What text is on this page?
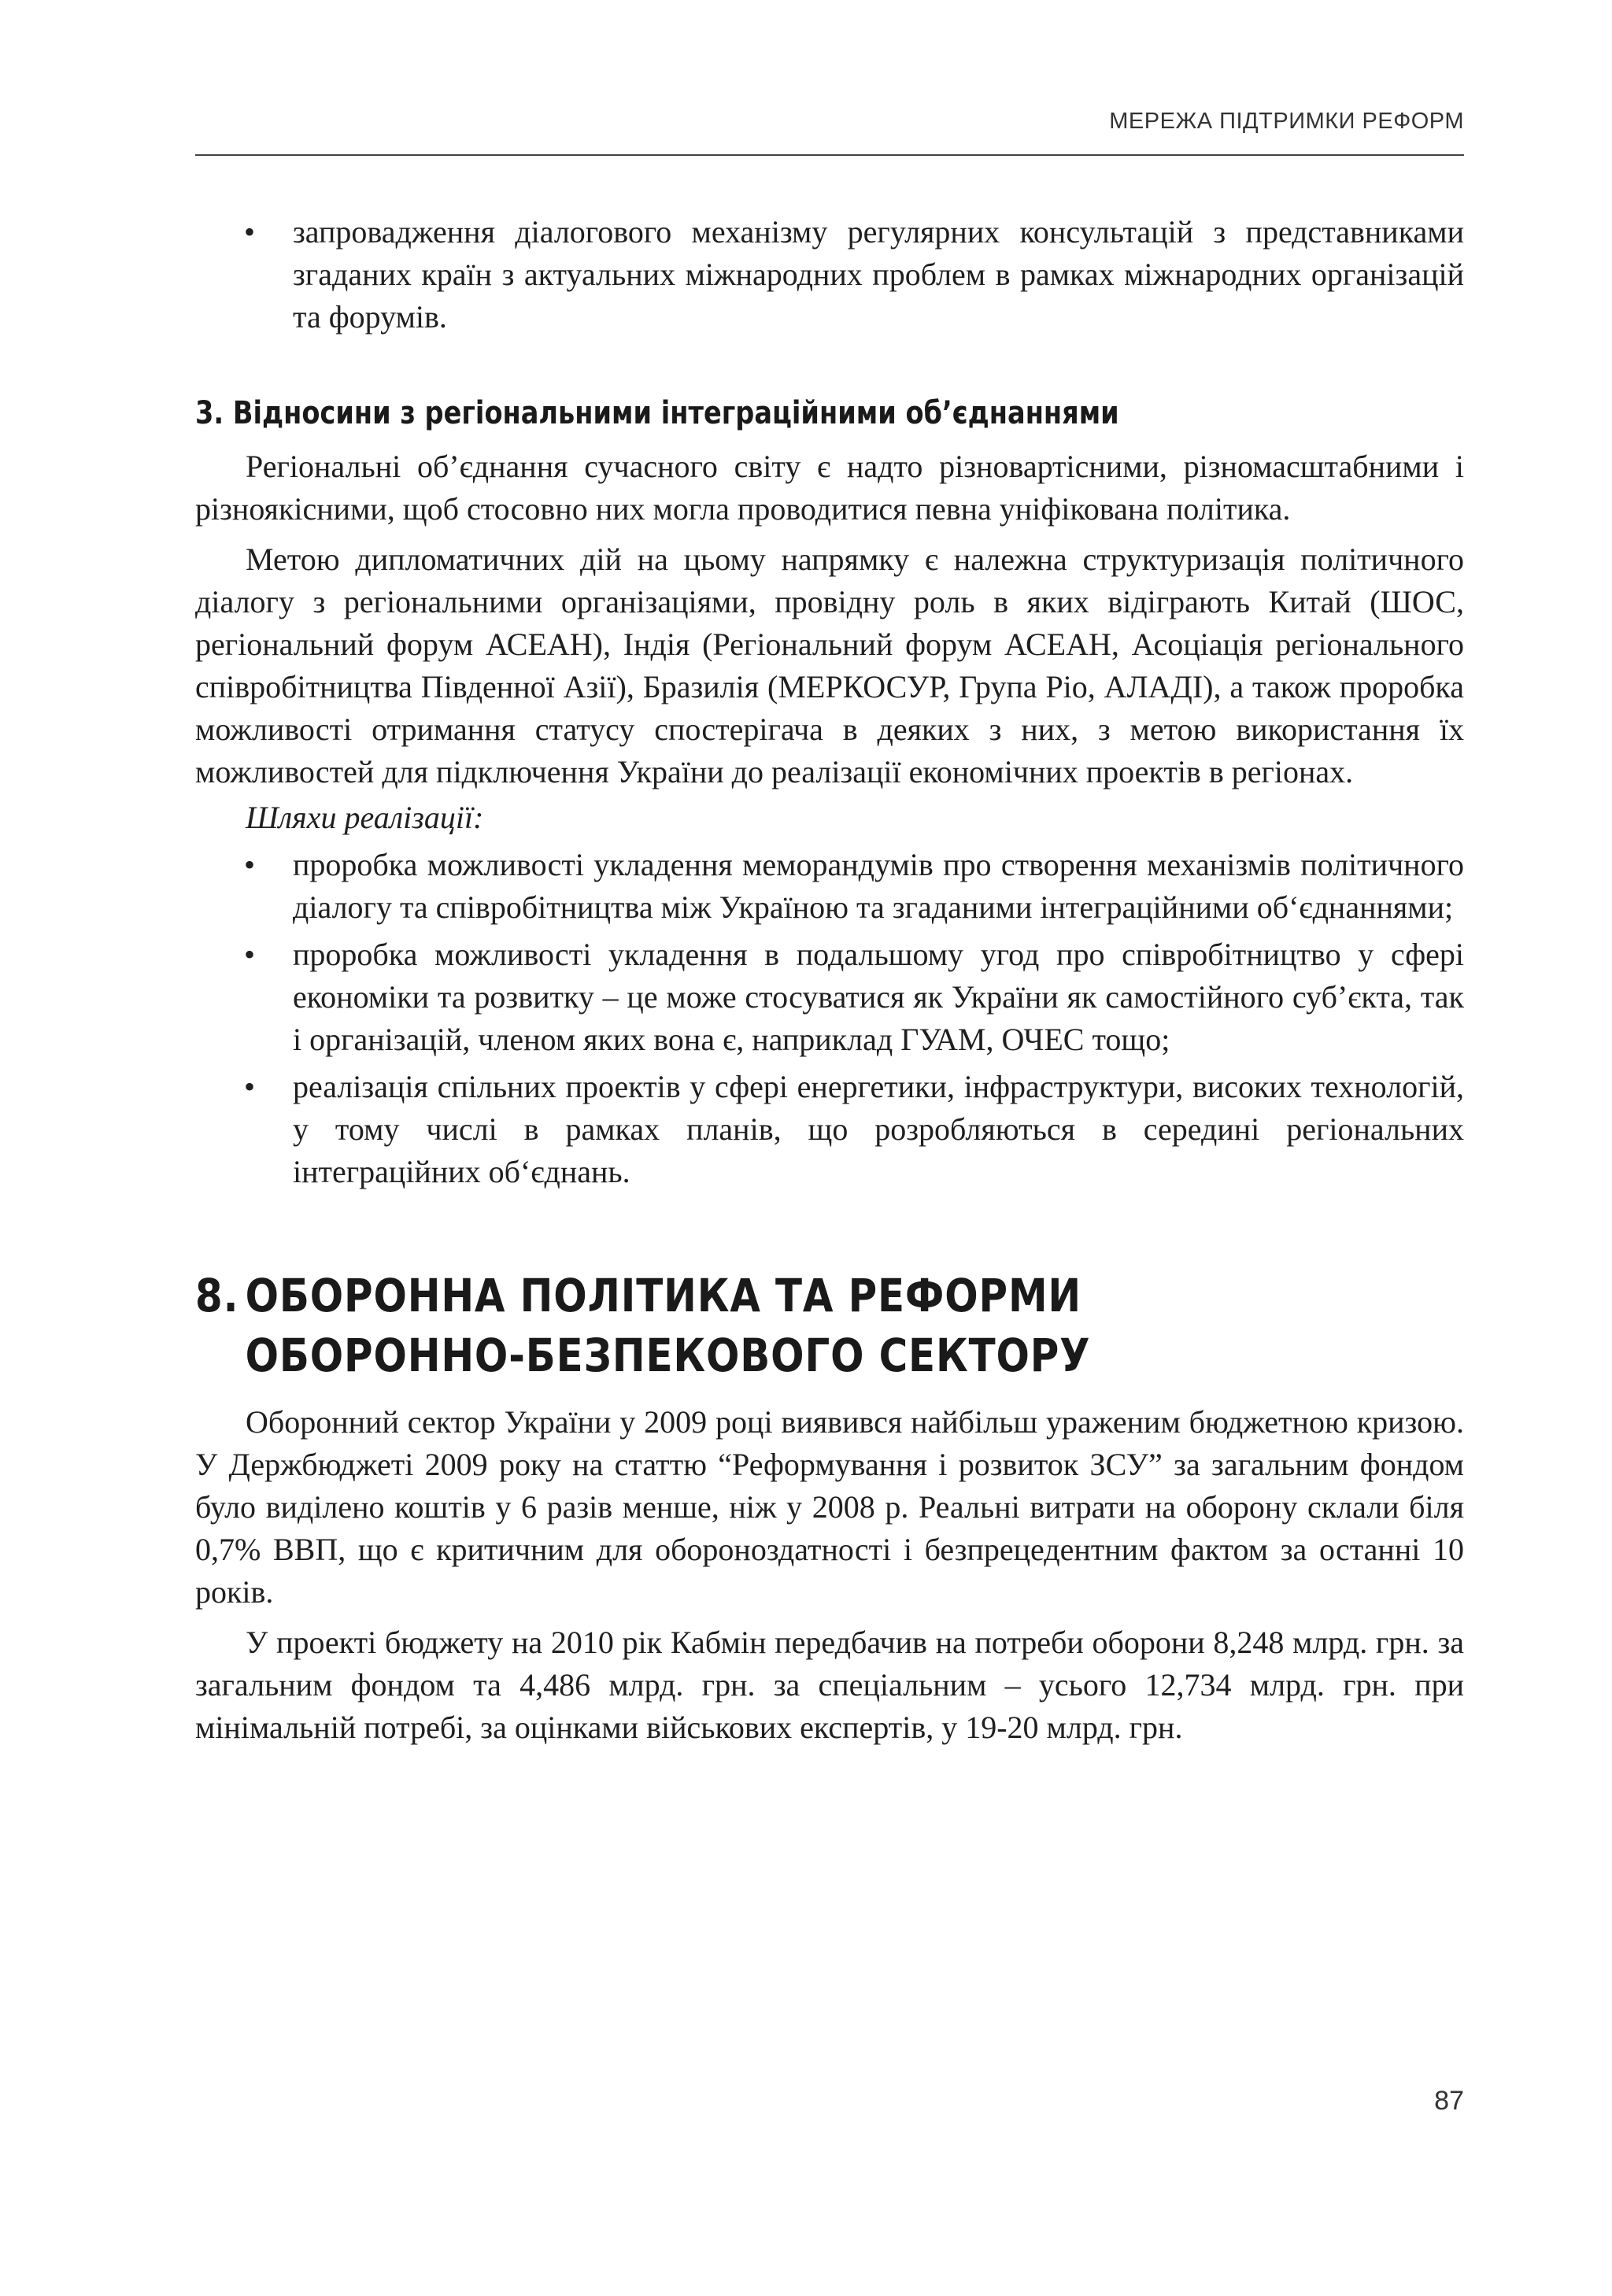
МЕРЕЖА ПІДТРИМКИ РЕФОРМ
• запровадження діалогового механізму регулярних консультацій з представниками згаданих країн з актуальних міжнародних проблем в рамках міжнародних організацій та форумів.
3. Відносини з регіональними інтеграційними об’єднаннями

Регіональні об’єднання сучасного світу є надто різновартісними, різномасштабними і різноякісними, щоб стосовно них могла проводитися певна уніфікована політика.

Метою дипломатичних дій на цьому напрямку є належна структуризація політичного діалогу з регіональними організаціями, провідну роль в яких відіграють Китай (ШОС, регіональний форум АСЕАН), Індія (Регіональний форум АСЕАН, Асоціація регіонального співробітництва Південної Азії), Бразилія (МЕРКОСУР, Група Ріо, АЛАДІ), а також проробка можливості отримання статусу спостерігача в деяких з них, з метою використання їх можливостей для підключення України до реалізації економічних проектів в регіонах.

Шляхи реалізації:

• проробка можливості укладення меморандумів про створення механізмів політичного діалогу та співробітництва між Україною та згаданими інтеграційними об‘єднаннями;
• проробка можливості укладення в подальшому угод про співробітництво у сфері економіки та розвитку – це може стосуватися як України як самостійного суб’єкта, так і організацій, членом яких вона є, наприклад ГУАМ, ОЧЕС тощо;
• реалізація спільних проектів у сфері енергетики, інфраструктури, високих технологій, у тому числі в рамках планів, що розробляються в середині регіональних інтеграційних об‘єднань.
8. ОБОРОННА ПОЛІТИКА ТА РЕФОРМИ
ОБОРОННО-БЕЗПЕКОВОГО СЕКТОРУ

Оборонний сектор України у 2009 році виявився найбільш ураженим бюджетною кризою. У Держбюджеті 2009 року на статтю “Реформування і розвиток ЗСУ” за загальним фондом було виділено коштів у 6 разів менше, ніж у 2008 р. Реальні витрати на оборону склали біля 0,7% ВВП, що є критичним для обороноздатності і безпрецедентним фактом за останні 10 років.

У проекті бюджету на 2010 рік Кабмін передбачив на потреби оборони 8,248 млрд. грн. за загальним фондом та 4,486 млрд. грн. за спеціальним – усього 12,734 млрд. грн. при мінімальній потребі, за оцінками військових експертів, у 19-20 млрд. грн.

87
